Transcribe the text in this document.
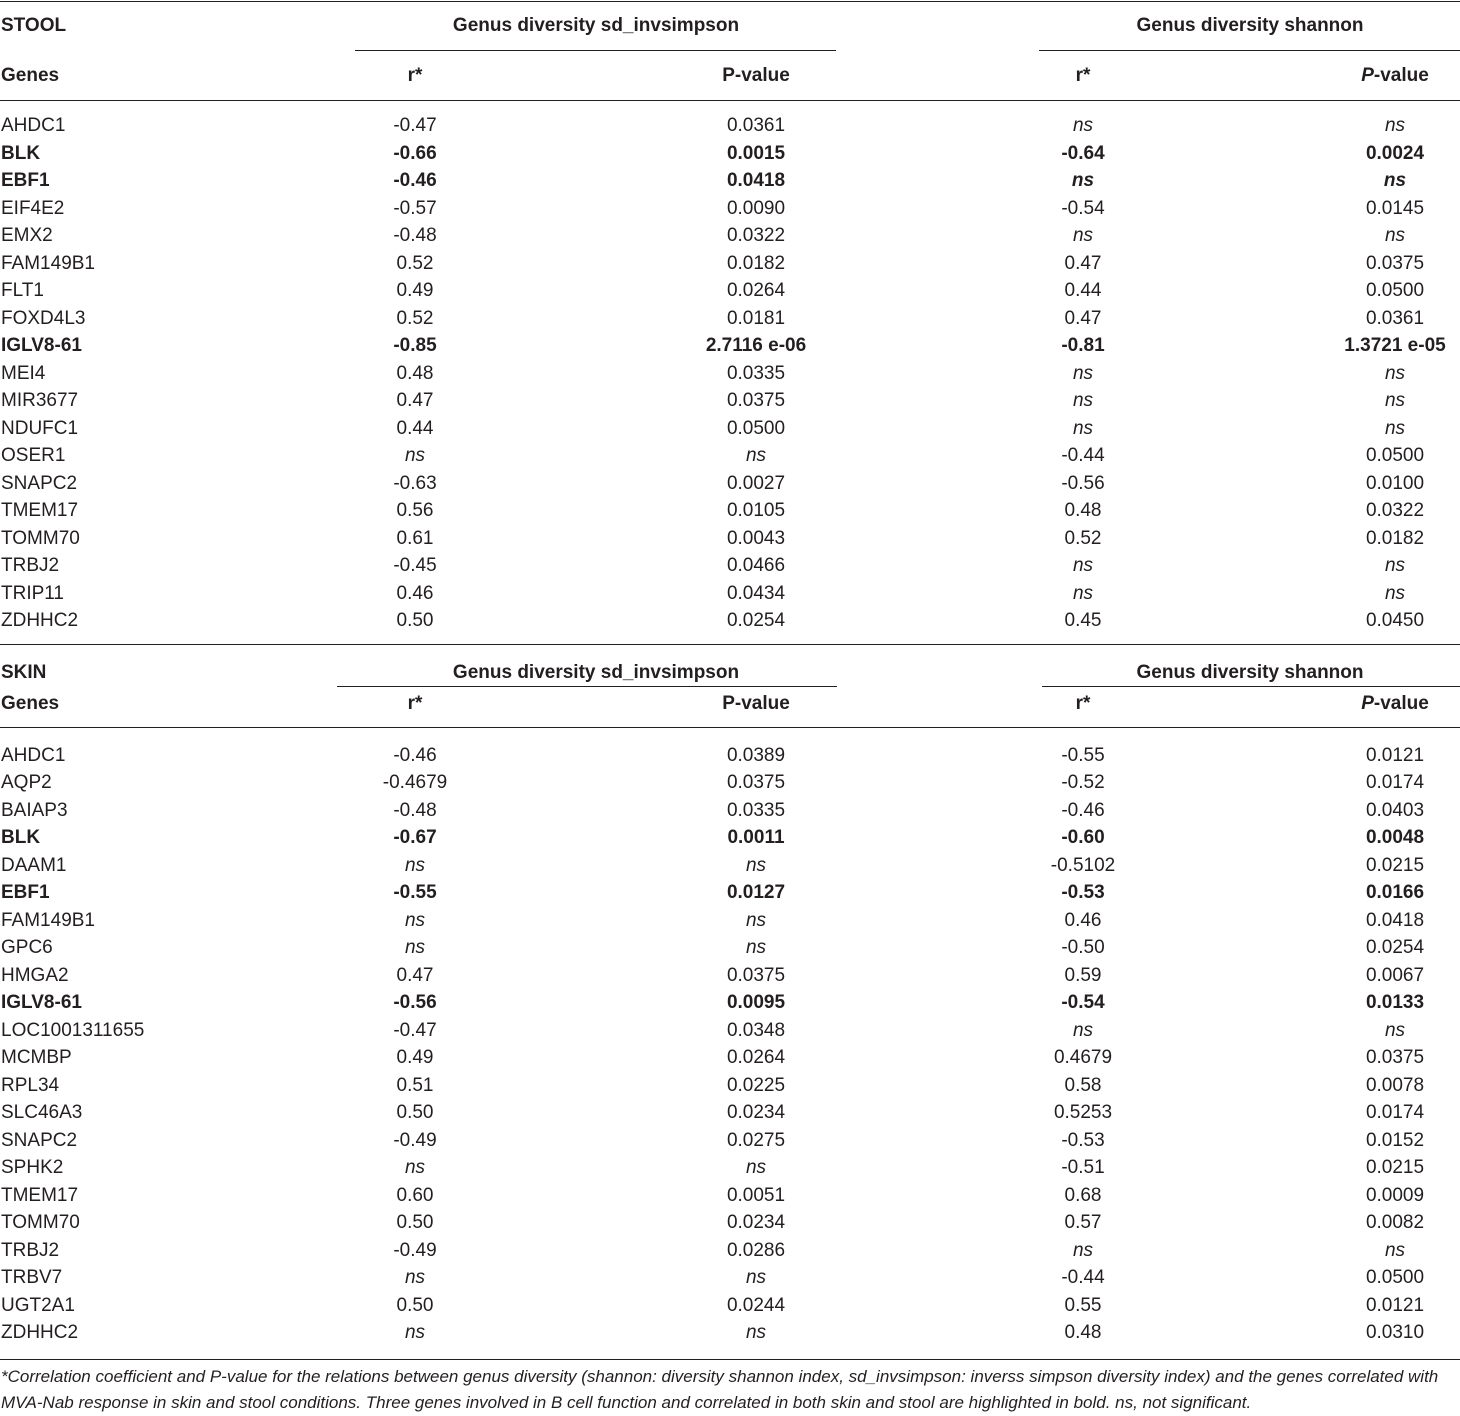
STOOL	Genus diversity sd_invsimpson	Genus diversity shannon
Genes	r*	P-value	r*	P-value
AHDC1	-0.47	0.0361	ns	ns
BLK	-0.66	0.0015	-0.64	0.0024
EBF1	-0.46	0.0418	ns	ns
EIF4E2	-0.57	0.0090	-0.54	0.0145
EMX2	-0.48	0.0322	ns	ns
FAM149B1	0.52	0.0182	0.47	0.0375
FLT1	0.49	0.0264	0.44	0.0500
FOXD4L3	0.52	0.0181	0.47	0.0361
IGLV8-61	-0.85	2.7116 e-06	-0.81	1.3721 e-05
MEI4	0.48	0.0335	ns	ns
MIR3677	0.47	0.0375	ns	ns
NDUFC1	0.44	0.0500	ns	ns
OSER1	ns	ns	-0.44	0.0500
SNAPC2	-0.63	0.0027	-0.56	0.0100
TMEM17	0.56	0.0105	0.48	0.0322
TOMM70	0.61	0.0043	0.52	0.0182
TRBJ2	-0.45	0.0466	ns	ns
TRIP11	0.46	0.0434	ns	ns
ZDHHC2	0.50	0.0254	0.45	0.0450
SKIN	Genus diversity sd_invsimpson	Genus diversity shannon
Genes	r*	P-value	r*	P-value
AHDC1	-0.46	0.0389	-0.55	0.0121
AQP2	-0.4679	0.0375	-0.52	0.0174
BAIAP3	-0.48	0.0335	-0.46	0.0403
BLK	-0.67	0.0011	-0.60	0.0048
DAAM1	ns	ns	-0.5102	0.0215
EBF1	-0.55	0.0127	-0.53	0.0166
FAM149B1	ns	ns	0.46	0.0418
GPC6	ns	ns	-0.50	0.0254
HMGA2	0.47	0.0375	0.59	0.0067
IGLV8-61	-0.56	0.0095	-0.54	0.0133
LOC1001311655	-0.47	0.0348	ns	ns
MCMBP	0.49	0.0264	0.4679	0.0375
RPL34	0.51	0.0225	0.58	0.0078
SLC46A3	0.50	0.0234	0.5253	0.0174
SNAPC2	-0.49	0.0275	-0.53	0.0152
SPHK2	ns	ns	-0.51	0.0215
TMEM17	0.60	0.0051	0.68	0.0009
TOMM70	0.50	0.0234	0.57	0.0082
TRBJ2	-0.49	0.0286	ns	ns
TRBV7	ns	ns	-0.44	0.0500
UGT2A1	0.50	0.0244	0.55	0.0121
ZDHHC2	ns	ns	0.48	0.0310
*Correlation coefficient and P-value for the relations between genus diversity (shannon: diversity shannon index, sd_invsimpson: inverss simpson diversity index) and the genes correlated with MVA-Nab response in skin and stool conditions. Three genes involved in B cell function and correlated in both skin and stool are highlighted in bold. ns, not significant.
